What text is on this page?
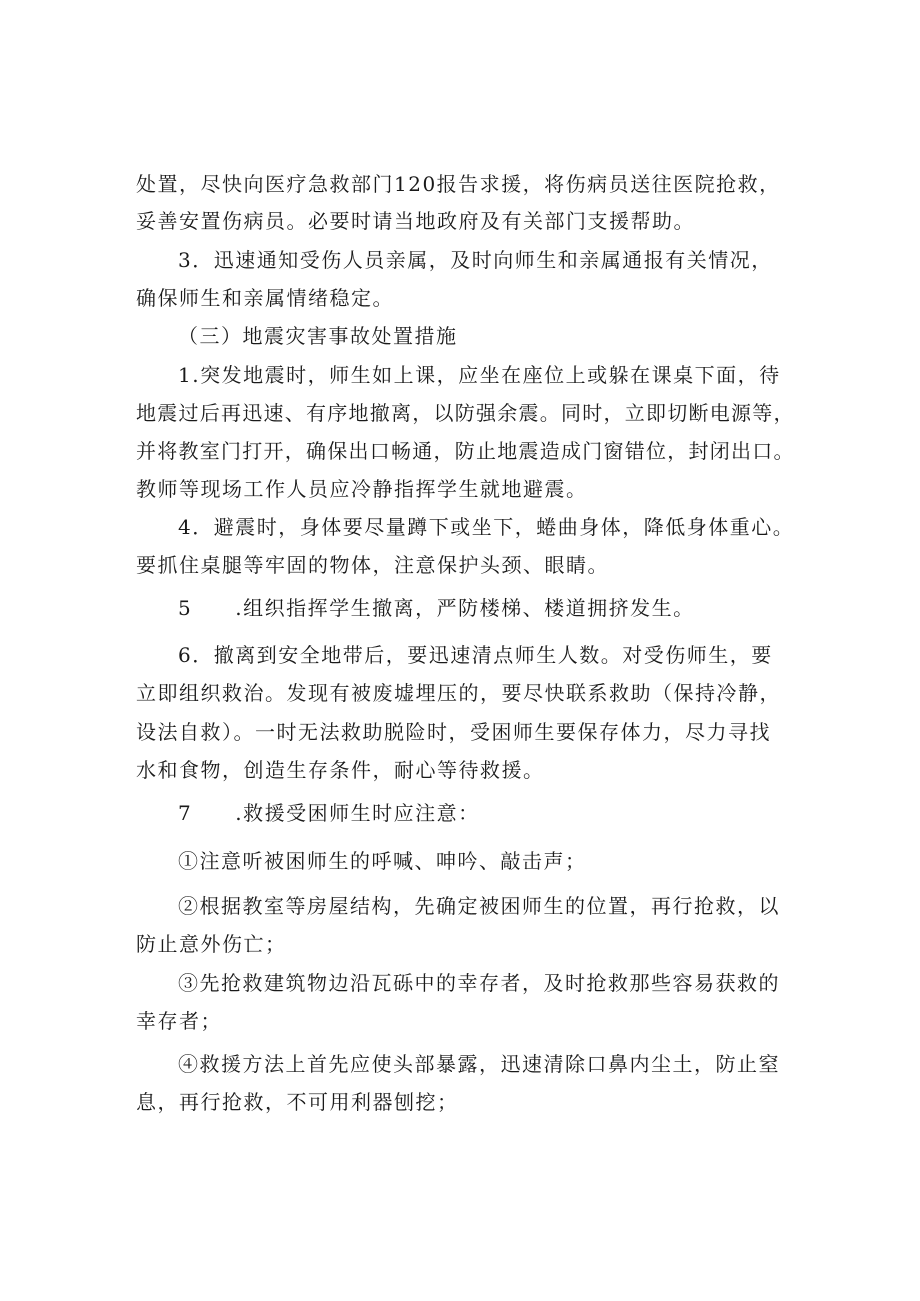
处置，尽快向医疗急救部门120报告求援，将伤病员送往医院抢救，
妥善安置伤病员。必要时请当地政府及有关部门支援帮助。
3．迅速通知受伤人员亲属，及时向师生和亲属通报有关情况，
确保师生和亲属情绪稳定。
（三）地震灾害事故处置措施
1.突发地震时，师生如上课，应坐在座位上或躲在课桌下面，待
地震过后再迅速、有序地撤离，以防强余震。同时，立即切断电源等，
并将教室门打开，确保出口畅通，防止地震造成门窗错位，封闭出口。
教师等现场工作人员应冷静指挥学生就地避震。
4．避震时，身体要尽量蹲下或坐下，蜷曲身体，降低身体重心。
要抓住桌腿等牢固的物体，注意保护头颈、眼睛。
5　　.组织指挥学生撤离，严防楼梯、楼道拥挤发生。
6．撤离到安全地带后，要迅速清点师生人数。对受伤师生，要
立即组织救治。发现有被废墟埋压的，要尽快联系救助（保持冷静，
设法自救）。一时无法救助脱险时，受困师生要保存体力，尽力寻找
水和食物，创造生存条件，耐心等待救援。
7　　.救援受困师生时应注意：
①注意听被困师生的呼喊、呻吟、敲击声；
②根据教室等房屋结构，先确定被困师生的位置，再行抢救，以
防止意外伤亡；
③先抢救建筑物边沿瓦砾中的幸存者，及时抢救那些容易获救的
幸存者；
④救援方法上首先应使头部暴露，迅速清除口鼻内尘土，防止窒
息，再行抢救，不可用利器刨挖；
